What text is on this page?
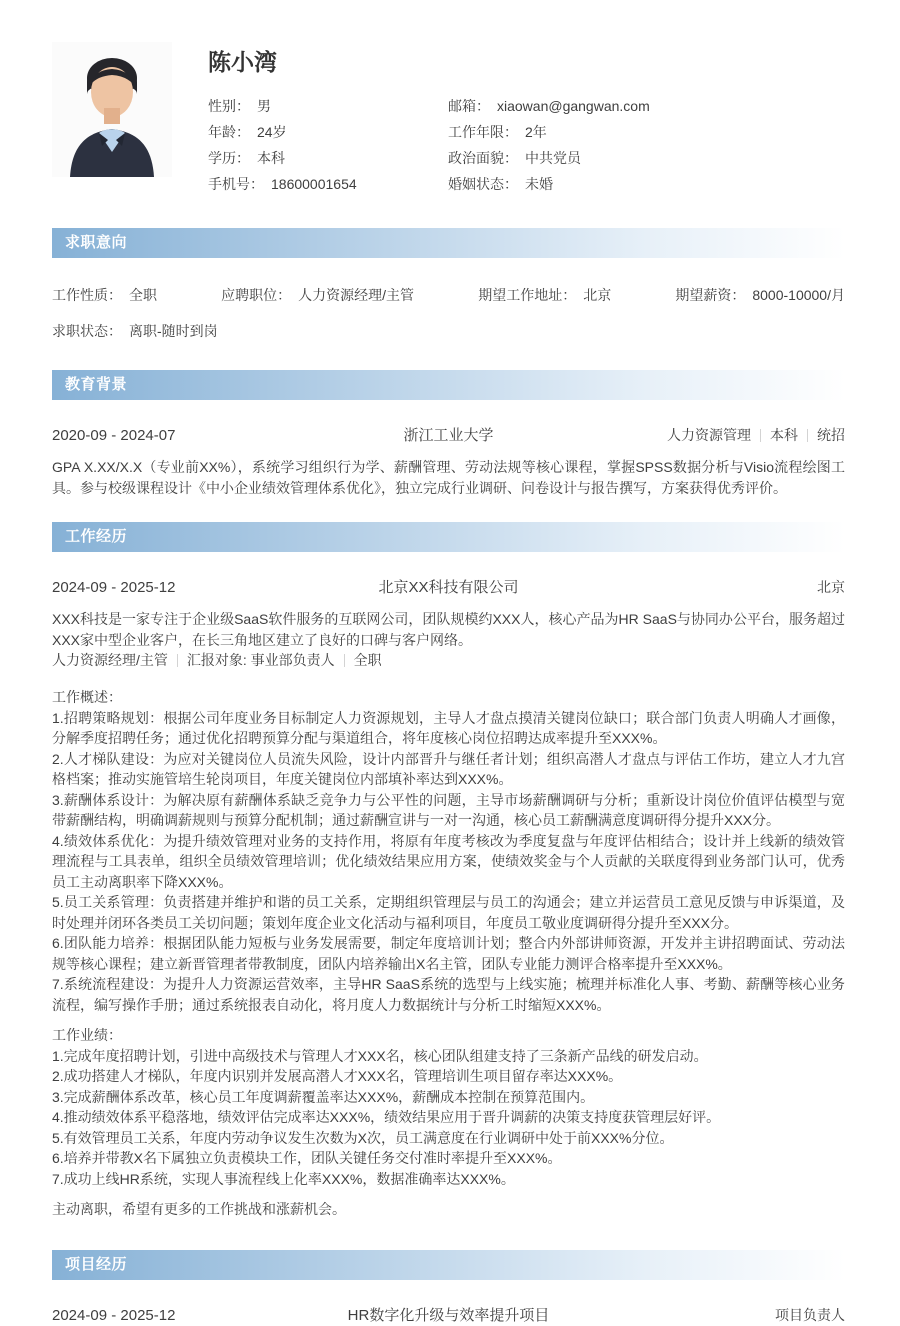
陈小湾
性别： 男
年龄： 24岁
学历： 本科
手机号： 18600001654
邮箱： xiaowan@gangwan.com
工作年限： 2年
政治面貌： 中共党员
婚姻状态： 未婚
求职意向
工作性质： 全职	应聘职位： 人力资源经理/主管	期望工作地址： 北京	期望薪资： 8000-10000/月
求职状态： 离职-随时到岗
教育背景
2020-09 - 2024-07	浙江工业大学	人力资源管理 本科 统招
GPA X.XX/X.X（专业前XX%），系统学习组织行为学、薪酬管理、劳动法规等核心课程，掌握SPSS数据分析与Visio流程绘图工具。参与校级课程设计《中小企业绩效管理体系优化》，独立完成行业调研、问卷设计与报告撰写，方案获得优秀评价。
工作经历
2024-09 - 2025-12	北京XX科技有限公司	北京
XXX科技是一家专注于企业级SaaS软件服务的互联网公司，团队规模约XXX人，核心产品为HR SaaS与协同办公平台，服务超过XXX家中型企业客户，在长三角地区建立了良好的口碑与客户网络。
人力资源经理/主管 汇报对象: 事业部负责人 全职
工作概述：
1.招聘策略规划：根据公司年度业务目标制定人力资源规划，主导人才盘点摸清关键岗位缺口；联合部门负责人明确人才画像，分解季度招聘任务；通过优化招聘预算分配与渠道组合，将年度核心岗位招聘达成率提升至XXX%。
2.人才梯队建设：为应对关键岗位人员流失风险，设计内部晋升与继任者计划；组织高潜人才盘点与评估工作坊，建立人才九宫格档案；推动实施管培生轮岗项目，年度关键岗位内部填补率达到XXX%。
3.薪酬体系设计：为解决原有薪酬体系缺乏竞争力与公平性的问题，主导市场薪酬调研与分析；重新设计岗位价值评估模型与宽带薪酬结构，明确调薪规则与预算分配机制；通过薪酬宣讲与一对一沟通，核心员工薪酬满意度调研得分提升XXX分。
4.绩效体系优化：为提升绩效管理对业务的支持作用，将原有年度考核改为季度复盘与年度评估相结合；设计并上线新的绩效管理流程与工具表单，组织全员绩效管理培训；优化绩效结果应用方案，使绩效奖金与个人贡献的关联度得到业务部门认可，优秀员工主动离职率下降XXX%。
5.员工关系管理：负责搭建并维护和谐的员工关系，定期组织管理层与员工的沟通会；建立并运营员工意见反馈与申诉渠道，及时处理并闭环各类员工关切问题；策划年度企业文化活动与福利项目，年度员工敬业度调研得分提升至XXX分。
6.团队能力培养：根据团队能力短板与业务发展需要，制定年度培训计划；整合内外部讲师资源，开发并主讲招聘面试、劳动法规等核心课程；建立新晋管理者带教制度，团队内培养输出X名主管，团队专业能力测评合格率提升至XXX%。
7.系统流程建设：为提升人力资源运营效率，主导HR SaaS系统的选型与上线实施；梳理并标准化人事、考勤、薪酬等核心业务流程，编写操作手册；通过系统报表自动化，将月度人力数据统计与分析工时缩短XXX%。
工作业绩：
1.完成年度招聘计划，引进中高级技术与管理人才XXX名，核心团队组建支持了三条新产品线的研发启动。
2.成功搭建人才梯队，年度内识别并发展高潜人才XXX名，管理培训生项目留存率达XXX%。
3.完成薪酬体系改革，核心员工年度调薪覆盖率达XXX%，薪酬成本控制在预算范围内。
4.推动绩效体系平稳落地，绩效评估完成率达XXX%，绩效结果应用于晋升调薪的决策支持度获管理层好评。
5.有效管理员工关系，年度内劳动争议发生次数为X次，员工满意度在行业调研中处于前XXX%分位。
6.培养并带教X名下属独立负责模块工作，团队关键任务交付准时率提升至XXX%。
7.成功上线HR系统，实现人事流程线上化率XXX%，数据准确率达XXX%。
主动离职，希望有更多的工作挑战和涨薪机会。
项目经历
2024-09 - 2025-12	HR数字化升级与效率提升项目	项目负责人
